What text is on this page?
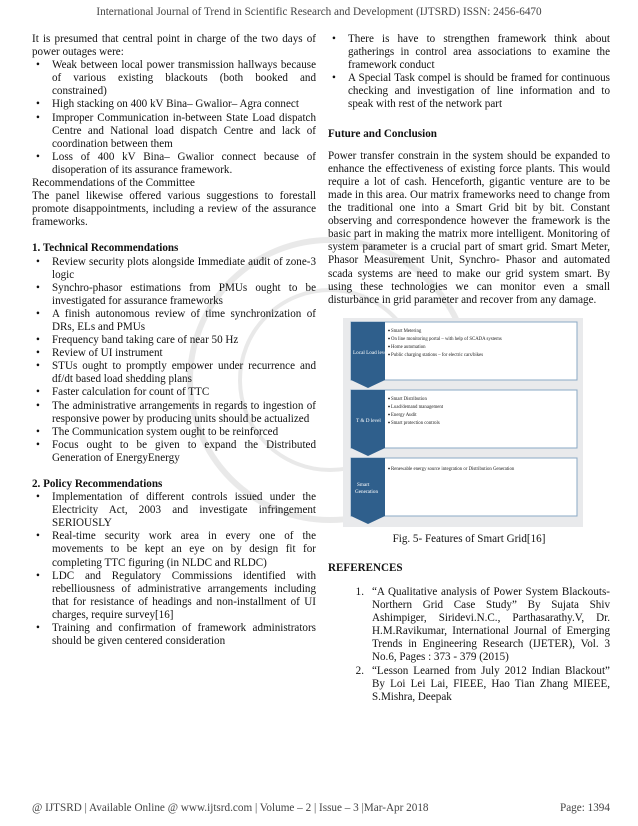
International Journal of Trend in Scientific Research and Development (IJTSRD) ISSN: 2456-6470

It is presumed that central point in charge of the two days of power outages were:

• Weak between local power transmission hallways because of various existing blackouts (both booked and constrained)
• High stacking on 400 kV Bina– Gwalior– Agra connect
• Improper Communication in-between State Load dispatch Centre and National load dispatch Centre and lack of coordination between them
• Loss of 400 kV Bina– Gwalior connect because of disoperation of its assurance framework.

Recommendations of the Committee

The panel likewise offered various suggestions to forestall promote disappointments, including a review of the assurance frameworks.

1. Technical Recommendations

• Review security plots alongside Immediate audit of zone-3 logic
• Synchro-phasor estimations from PMUs ought to be investigated for assurance frameworks
• A finish autonomous review of time synchronization of DRs, ELs and PMUs
• Frequency band taking care of near 50 Hz
• Review of UI instrument
• STUs ought to promptly empower under recurrence and df/dt based load shedding plans
• Faster calculation for count of TTC
• The administrative arrangements in regards to ingestion of responsive power by producing units should be actualized
• The Communication system ought to be reinforced
• Focus ought to be given to expand the Distributed Generation of EnergyEnergy

2. Policy Recommendations

• Implementation of different controls issued under the Electricity Act, 2003 and investigate infringement SERIOUSLY
• Real-time security work area in every one of the movements to be kept an eye on by design fit for completing TTC figuring (in NLDC and RLDC)
• LDC and Regulatory Commissions identified with rebelliousness of administrative arrangements including that for resistance of headings and non-installment of UI charges, require survey[16]
• Training and confirmation of framework administrators should be given centered consideration
• There is have to strengthen framework think about gatherings in control area associations to examine the framework conduct
• A Special Task compel is should be framed for continuous checking and investigation of line information and to speak with rest of the network part

Future and Conclusion

Power transfer constrain in the system should be expanded to enhance the effectiveness of existing force plants. This would require a lot of cash. Henceforth, gigantic venture are to be made in this area. Our matrix frameworks need to change from the traditional one into a Smart Grid bit by bit. Constant observing and correspondence however the framework is the basic part in making the matrix more intelligent. Monitoring of system parameter is a crucial part of smart grid. Smart Meter, Phasor Measurement Unit, Synchro- Phasor and automated scada systems are need to make our grid system smart. By using these technologies we can monitor even a small disturbance in grid parameter and recover from any damage.

Local Load level
T & D level
Smart
Generation
Smart Metering
On line monitoring portal – with help of SCADA systems
Home automation
Public charging stations – for electric cars/bikes
Smart Distribution
Load/demand management
Energy Audit
Smart protection controls
Renewable energy source integration or Distribution Generation

Fig. 5- Features of Smart Grid[16]

REFERENCES

1. “A Qualitative analysis of Power System Blackouts- Northern Grid Case Study” By Sujata Shiv Ashimpiger, Siridevi.N.C., Parthasarathy.V, Dr. H.M.Ravikumar, International Journal of Emerging Trends in Engineering Research (IJETER), Vol. 3 No.6, Pages : 373 - 379 (2015)
2. “Lesson Learned from July 2012 Indian Blackout” By Loi Lei Lai, FIEEE, Hao Tian Zhang MIEEE, S.Mishra, Deepak
@ IJTSRD | Available Online @ www.ijtsrd.com | Volume – 2 | Issue – 3 |Mar-Apr 2018	Page: 1394
